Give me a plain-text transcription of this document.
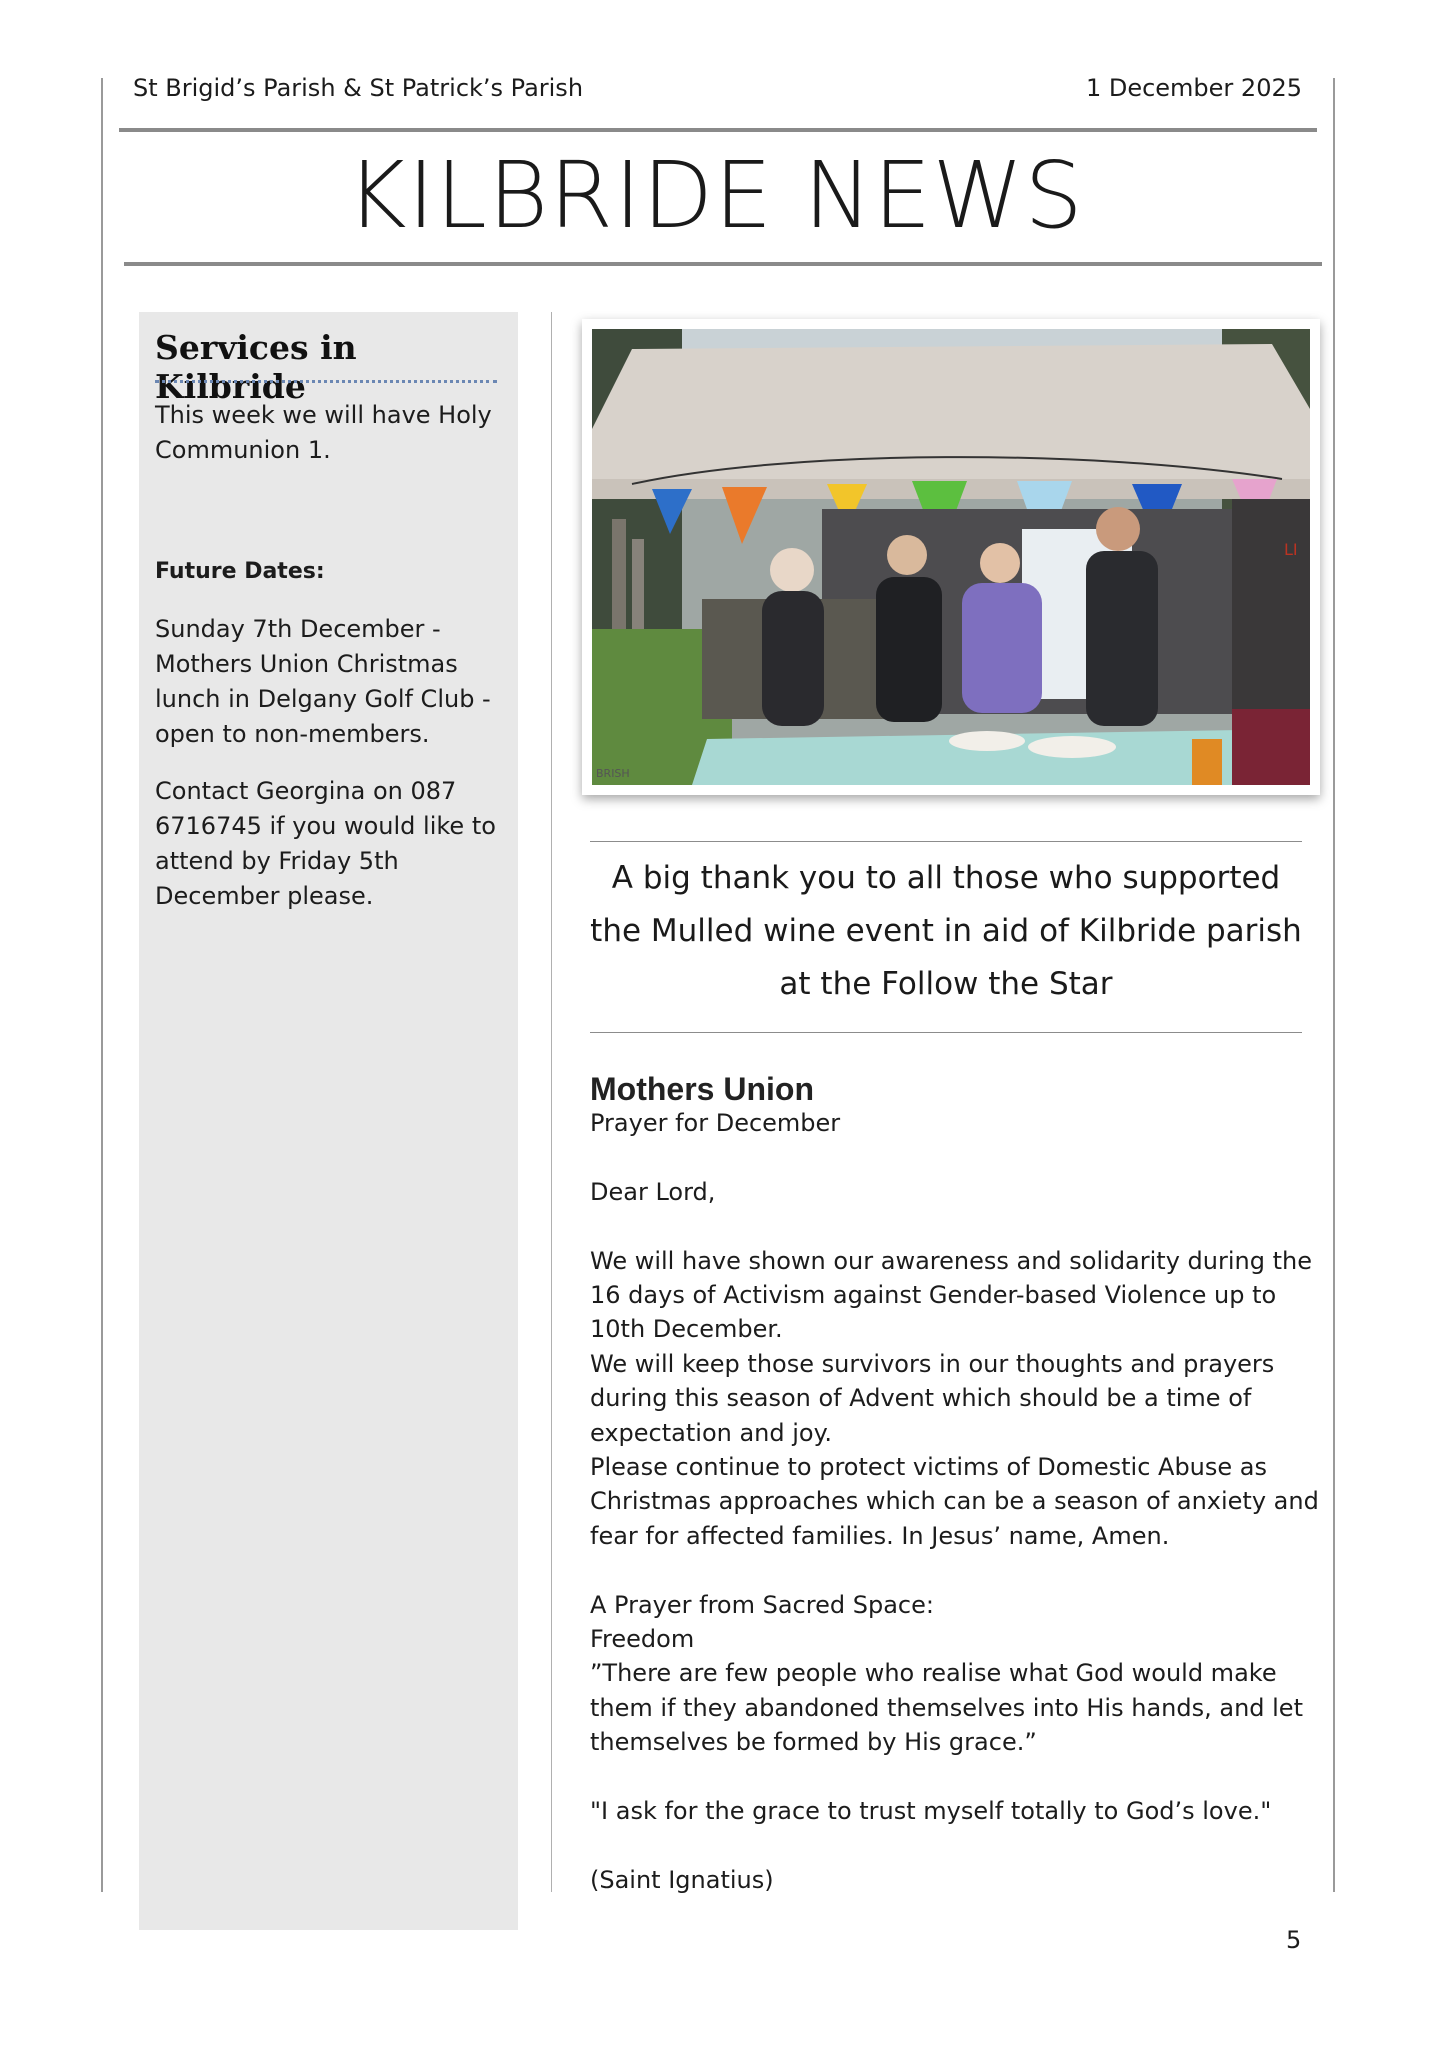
St Brigid’s Parish & St Patrick’s Parish	1 December 2025
KILBRIDE NEWS
Services in Kilbride
This week we will have Holy Communion 1.
Future Dates:
Sunday 7th December - Mothers Union Christmas lunch in Delgany Golf Club - open to non-members.
Contact Georgina on 087 6716745 if you would like to attend by Friday 5th December please.
BRISH
LI
A big thank you to all those who supported the Mulled wine event in aid of Kilbride parish at the Follow the Star
Mothers Union

Prayer for December

Dear Lord,

We will have shown our awareness and solidarity during the 16 days of Activism against Gender-based Violence up to 10th December.

We will keep those survivors in our thoughts and prayers during this season of Advent which should be a time of expectation and joy.

Please continue to protect victims of Domestic Abuse as Christmas approaches which can be a season of anxiety and fear for affected families. In Jesus’ name, Amen.

A Prayer from Sacred Space:

Freedom

”There are few people who realise what God would make them if they abandoned themselves into His hands, and let themselves be formed by His grace.”

"I ask for the grace to trust myself totally to God’s love."

(Saint Ignatius)

5
